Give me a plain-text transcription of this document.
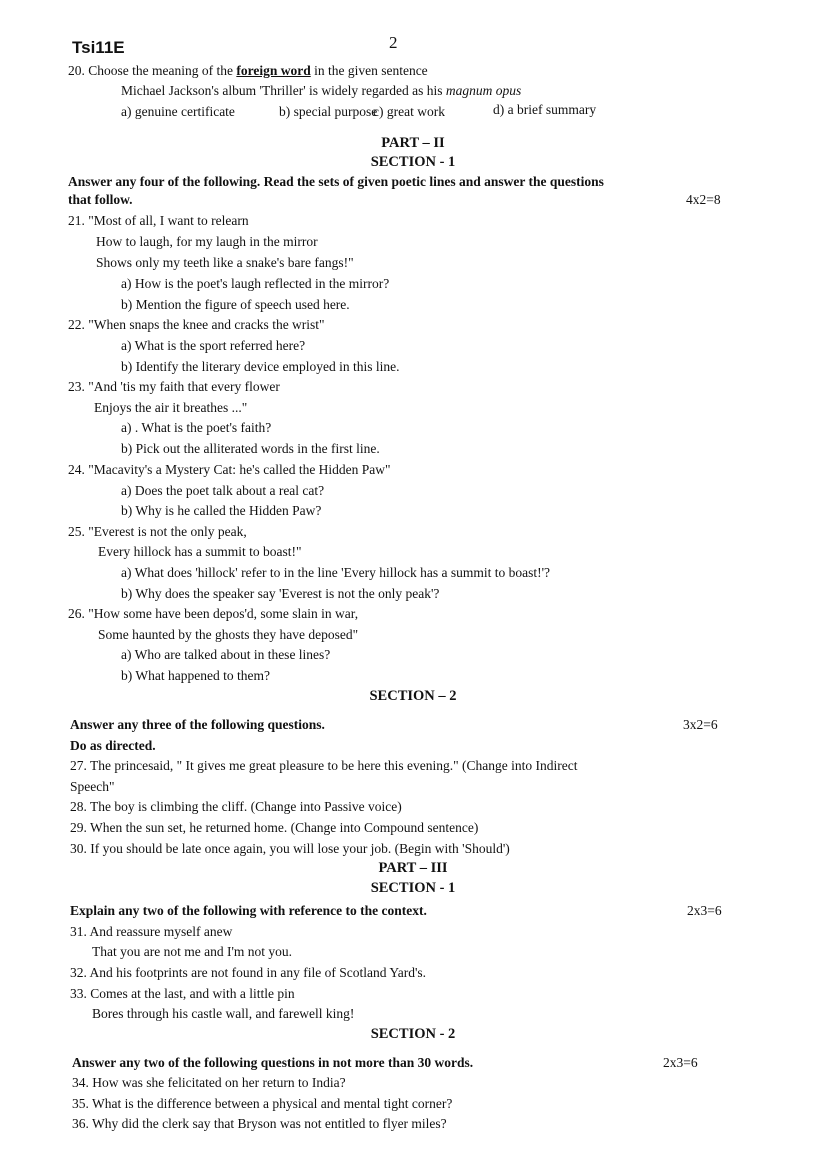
Tsi11E	2
20. Choose the meaning of the foreign word in the given sentence
Michael Jackson's album 'Thriller' is widely regarded as his magnum opus
a) genuine certificate	b) special purpose
c) great work	d) a brief summary
PART – II
SECTION - 1
Answer any four of the following. Read the sets of given poetic lines and answer the questions
that follow.	4x2=8
21. "Most of all, I want to relearn
How to laugh, for my laugh in the mirror
Shows only my teeth like a snake's bare fangs!"
a) How is the poet's laugh reflected in the mirror?
b) Mention the figure of speech used here.
22. "When snaps the knee and cracks the wrist"
a) What is the sport referred here?
b) Identify the literary device employed in this line.
23. "And 'tis my faith that every flower
Enjoys the air it breathes ..."
a) . What is the poet's faith?
b) Pick out the alliterated words in the first line.
24. "Macavity's a Mystery Cat: he's called the Hidden Paw"
a) Does the poet talk about a real cat?
b) Why is he called the Hidden Paw?
25. "Everest is not the only peak,
Every hillock has a summit to boast!"
a) What does 'hillock' refer to in the line 'Every hillock has a summit to boast!'?
b) Why does the speaker say 'Everest is not the only peak'?
26. "How some have been depos'd, some slain in war,
Some haunted by the ghosts they have deposed"
a) Who are talked about in these lines?
b) What happened to them?
SECTION – 2
Answer any three of the following questions.	3x2=6
Do as directed.
27. The princesaid, " It gives me great pleasure to be here this evening." (Change into Indirect
Speech"
28. The boy is climbing the cliff. (Change into Passive voice)
29. When the sun set, he returned home. (Change into Compound sentence)
30. If you should be late once again, you will lose your job. (Begin with 'Should')
PART – III
SECTION - 1
Explain any two of the following with reference to the context.	2x3=6
31. And reassure myself anew
That you are not me and I'm not you.
32. And his footprints are not found in any file of Scotland Yard's.
33. Comes at the last, and with a little pin
Bores through his castle wall, and farewell king!
SECTION - 2
Answer any two of the following questions in not more than 30 words.	2x3=6
34. How was she felicitated on her return to India?
35. What is the difference between a physical and mental tight corner?
36. Why did the clerk say that Bryson was not entitled to flyer miles?
